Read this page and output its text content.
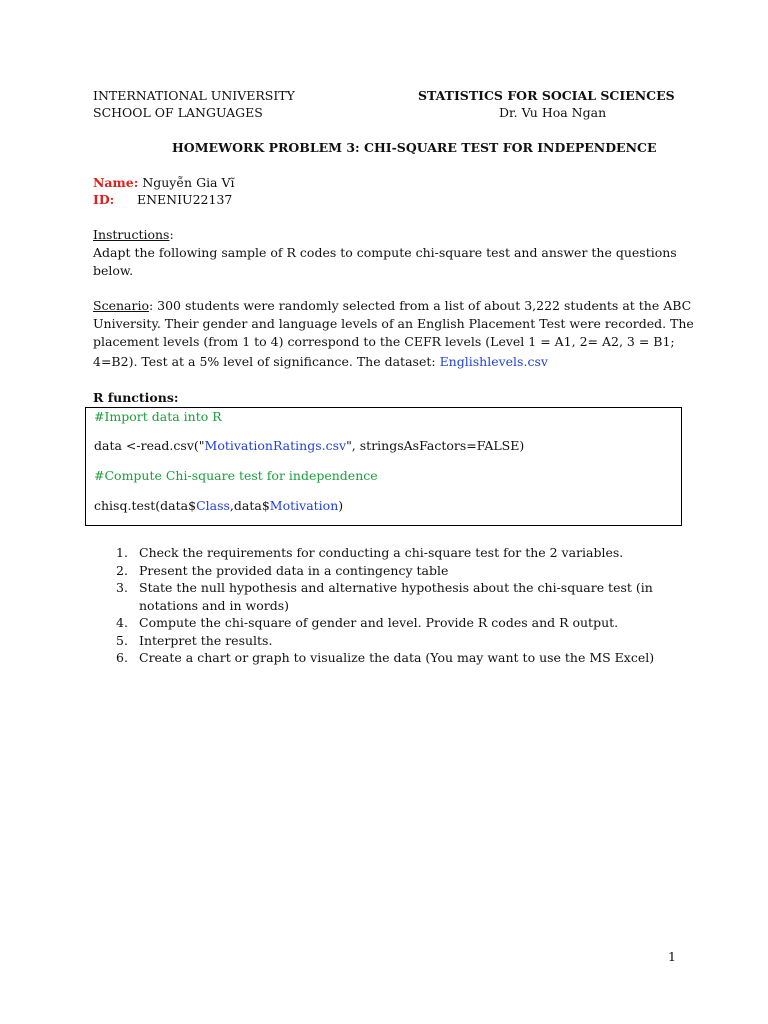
INTERNATIONAL UNIVERSITY
SCHOOL OF LANGUAGES
STATISTICS FOR SOCIAL SCIENCES
Dr. Vu Hoa Ngan
HOMEWORK PROBLEM 3: CHI-SQUARE TEST FOR INDEPENDENCE
Name: Nguyễn Gia Vĩ
ID: ENENIU22137
Instructions:
Adapt the following sample of R codes to compute chi-square test and answer the questions
below.
Scenario: 300 students were randomly selected from a list of about 3,222 students at the ABC
University. Their gender and language levels of an English Placement Test were recorded. The
placement levels (from 1 to 4) correspond to the CEFR levels (Level 1 = A1, 2= A2, 3 = B1;
4=B2). Test at a 5% level of significance. The dataset: Englishlevels.csv
R functions:
#Import data into R
data <-read.csv("MotivationRatings.csv", stringsAsFactors=FALSE)
#Compute Chi-square test for independence
chisq.test(data$Class,data$Motivation)
1. Check the requirements for conducting a chi-square test for the 2 variables.
2. Present the provided data in a contingency table
3. State the null hypothesis and alternative hypothesis about the chi-square test (in notations and in words)
4. Compute the chi-square of gender and level. Provide R codes and R output.
5. Interpret the results.
6. Create a chart or graph to visualize the data (You may want to use the MS Excel)
1
